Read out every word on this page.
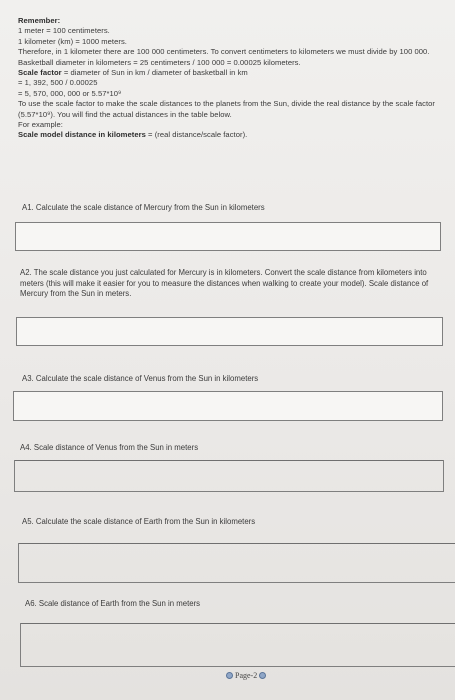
Remember:
1 meter = 100 centimeters.
1 kilometer (km) = 1000 meters.
Therefore, in 1 kilometer there are 100 000 centimeters. To convert centimeters to kilometers we must divide by 100 000.
Basketball diameter in kilometers = 25 centimeters / 100 000 = 0.00025 kilometers.
Scale factor = diameter of Sun in km / diameter of basketball in km
= 1, 392, 500 / 0.00025
= 5, 570, 000, 000 or 5.57*10⁹
To use the scale factor to make the scale distances to the planets from the Sun, divide the real distance by the scale factor (5.57*10⁹). You will find the actual distances in the table below.
For example:
Scale model distance in kilometers = (real distance/scale factor).
A1. Calculate the scale distance of Mercury from the Sun in kilometers
A2. The scale distance you just calculated for Mercury is in kilometers. Convert the scale distance from kilometers into meters (this will make it easier for you to measure the distances when walking to create your model). Scale distance of Mercury from the Sun in meters.
A3. Calculate the scale distance of Venus from the Sun in kilometers
A4. Scale distance of Venus from the Sun in meters
A5. Calculate the scale distance of Earth from the Sun in kilometers
A6. Scale distance of Earth from the Sun in meters
Page-2
